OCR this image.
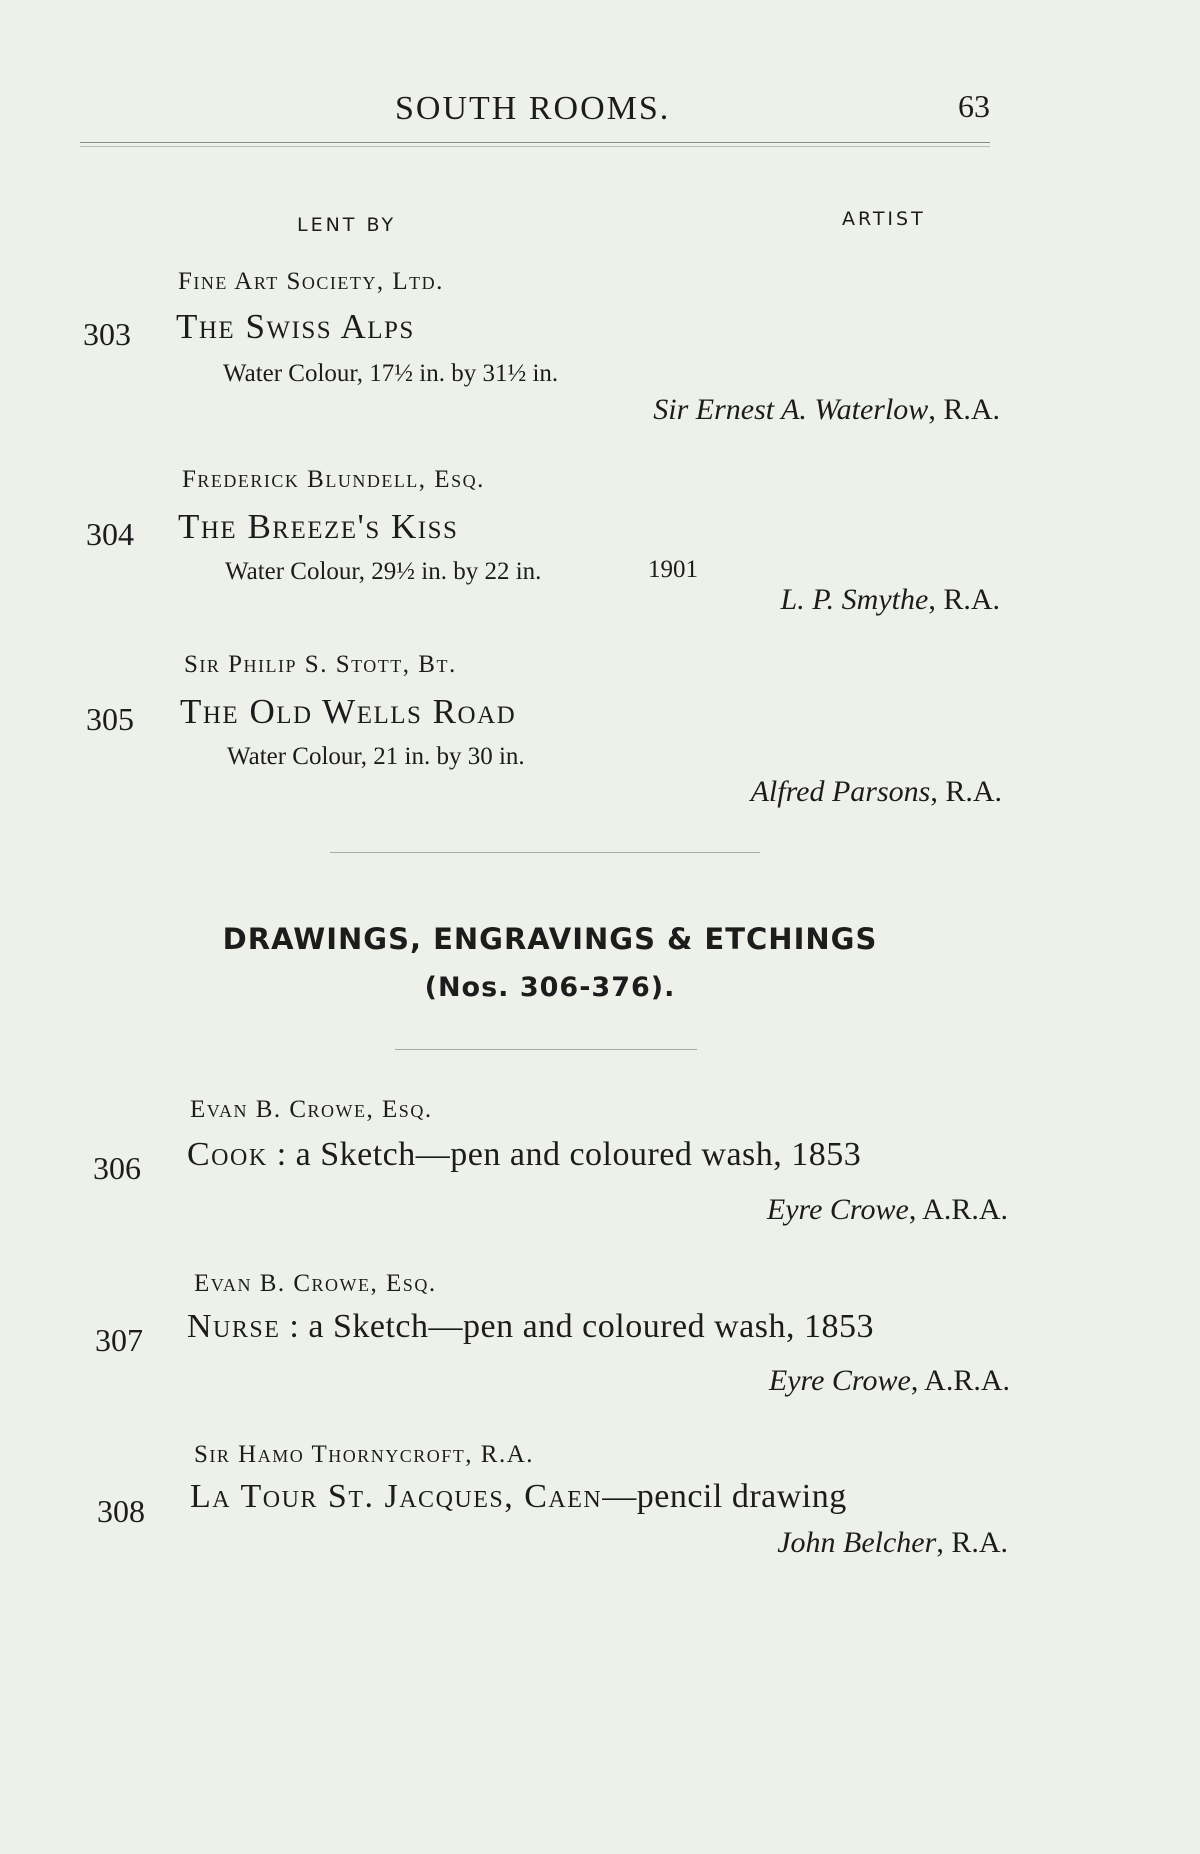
SOUTH ROOMS.	63
LENT BY	ARTIST
Fine Art Society, Ltd.
303 The Swiss Alps
Water Colour, 17½ in. by 31½ in.
Sir Ernest A. Waterlow, R.A.
Frederick Blundell, Esq.
304 The Breeze's Kiss
Water Colour, 29½ in. by 22 in.	1901
L. P. Smythe, R.A.
Sir Philip S. Stott, Bt.
305 The Old Wells Road
Water Colour, 21 in. by 30 in.
Alfred Parsons, R.A.
DRAWINGS, ENGRAVINGS & ETCHINGS
(Nos. 306-376).
Evan B. Crowe, Esq.
306 Cook : a Sketch—pen and coloured wash, 1853
Eyre Crowe, A.R.A.
Evan B. Crowe, Esq.
307 Nurse : a Sketch—pen and coloured wash, 1853
Eyre Crowe, A.R.A.
Sir Hamo Thornycroft, R.A.
308 La Tour St. Jacques, Caen—pencil drawing
John Belcher, R.A.
